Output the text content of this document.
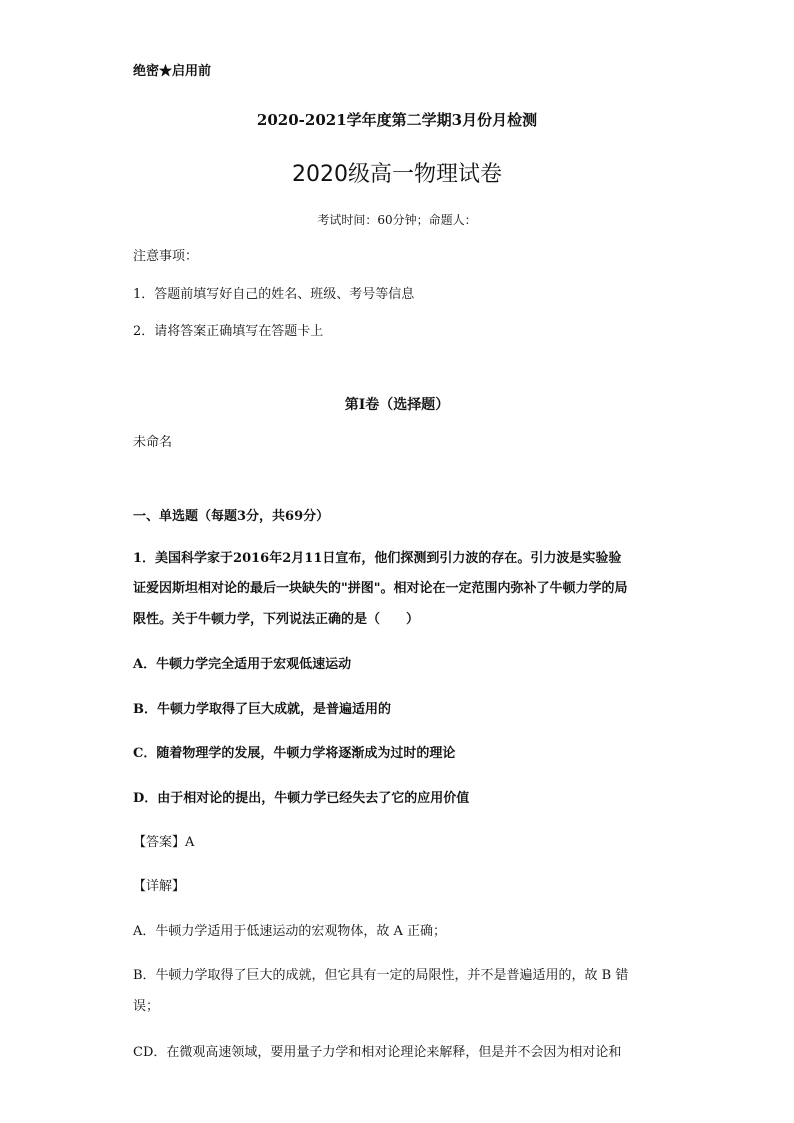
绝密★启用前
2020-2021学年度第二学期3月份月检测
2020级高一物理试卷
考试时间：60分钟；命题人：
注意事项：
1．答题前填写好自己的姓名、班级、考号等信息
2．请将答案正确填写在答题卡上
第I卷（选择题）
未命名
一、单选题（每题3分，共69分）
1．美国科学家于2016年2月11日宣布，他们探测到引力波的存在。引力波是实验验
证爱因斯坦相对论的最后一块缺失的"拼图"。相对论在一定范围内弥补了牛顿力学的局
限性。关于牛顿力学，下列说法正确的是（　　）
A．牛顿力学完全适用于宏观低速运动
B．牛顿力学取得了巨大成就，是普遍适用的
C．随着物理学的发展，牛顿力学将逐渐成为过时的理论
D．由于相对论的提出，牛顿力学已经失去了它的应用价值
【答案】A
【详解】
A．牛顿力学适用于低速运动的宏观物体，故 A 正确；
B．牛顿力学取得了巨大的成就，但它具有一定的局限性，并不是普遍适用的，故 B 错
误；
CD．在微观高速领域，要用量子力学和相对论理论来解释，但是并不会因为相对论和
